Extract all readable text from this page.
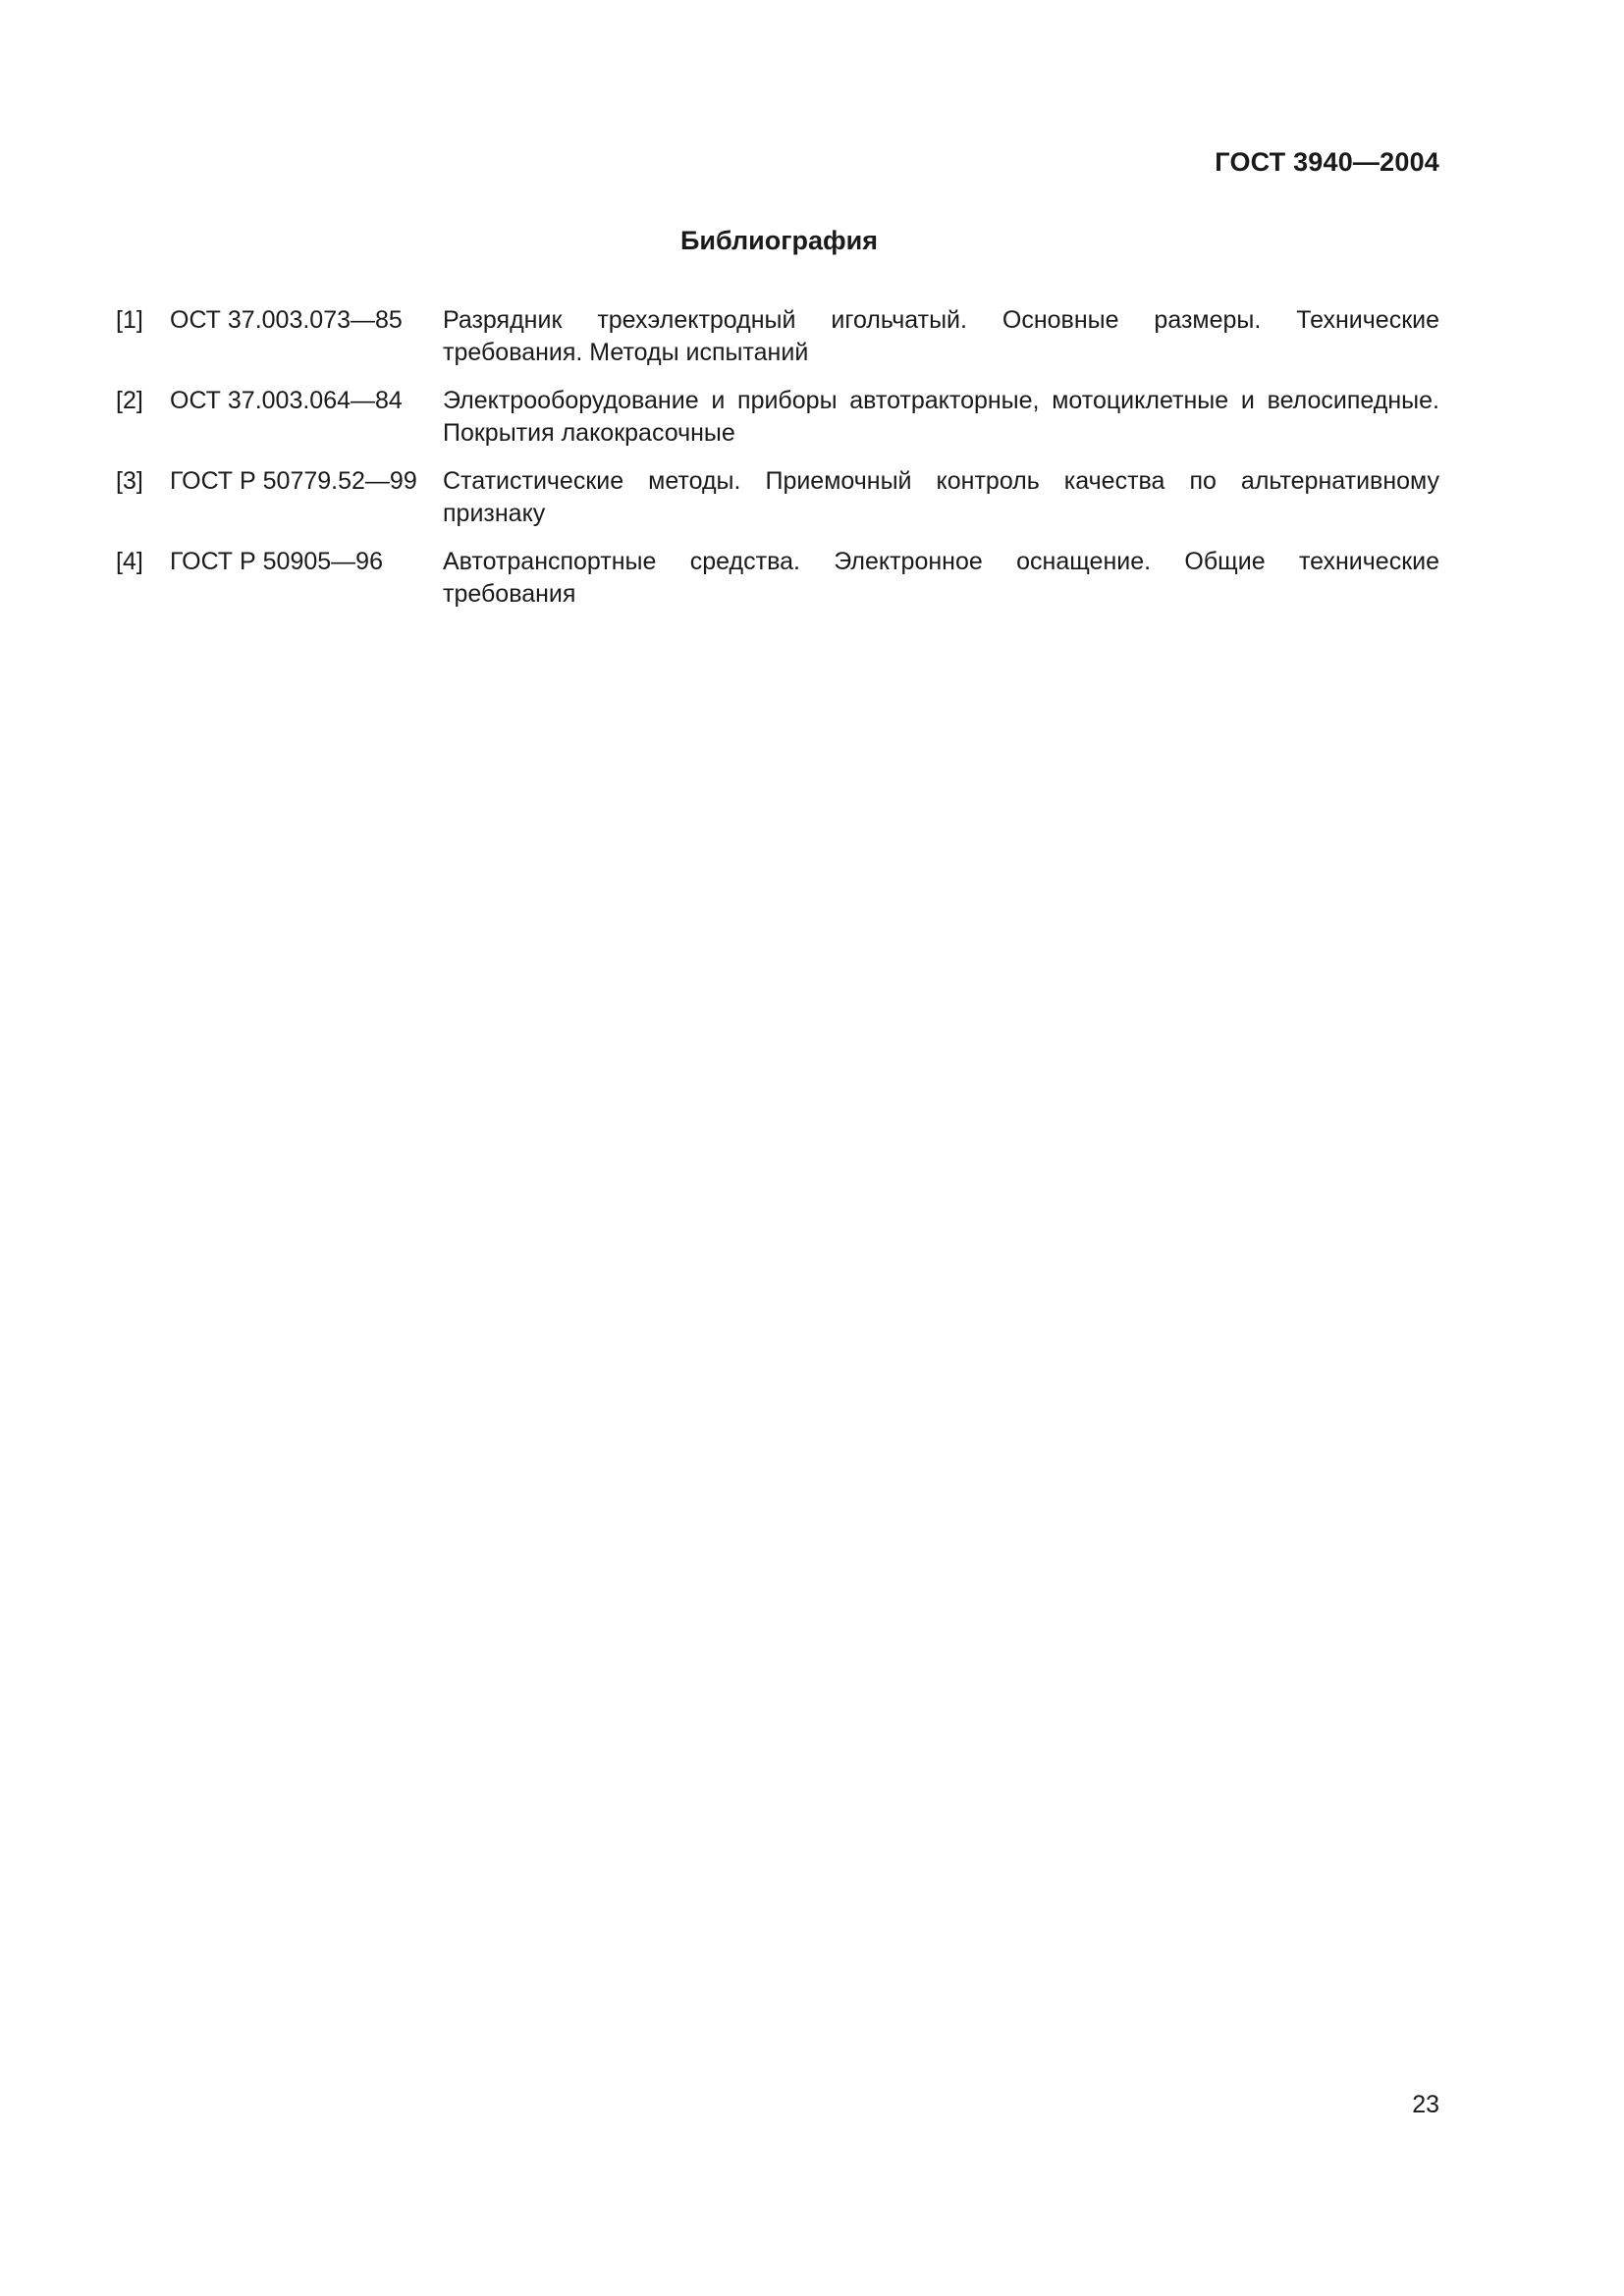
ГОСТ 3940—2004
Библиография
[1]	ОСТ 37.003.073—85	Разрядник трехэлектродный игольчатый. Основные размеры. Технические требования. Методы испытаний
[2]	ОСТ 37.003.064—84	Электрооборудование и приборы автотракторные, мотоциклетные и велосипедные. Покрытия лакокрасочные
[3]	ГОСТ Р 50779.52—99	Статистические методы. Приемочный контроль качества по альтернативному признаку
[4]	ГОСТ Р 50905—96	Автотранспортные средства. Электронное оснащение. Общие технические требования
23
